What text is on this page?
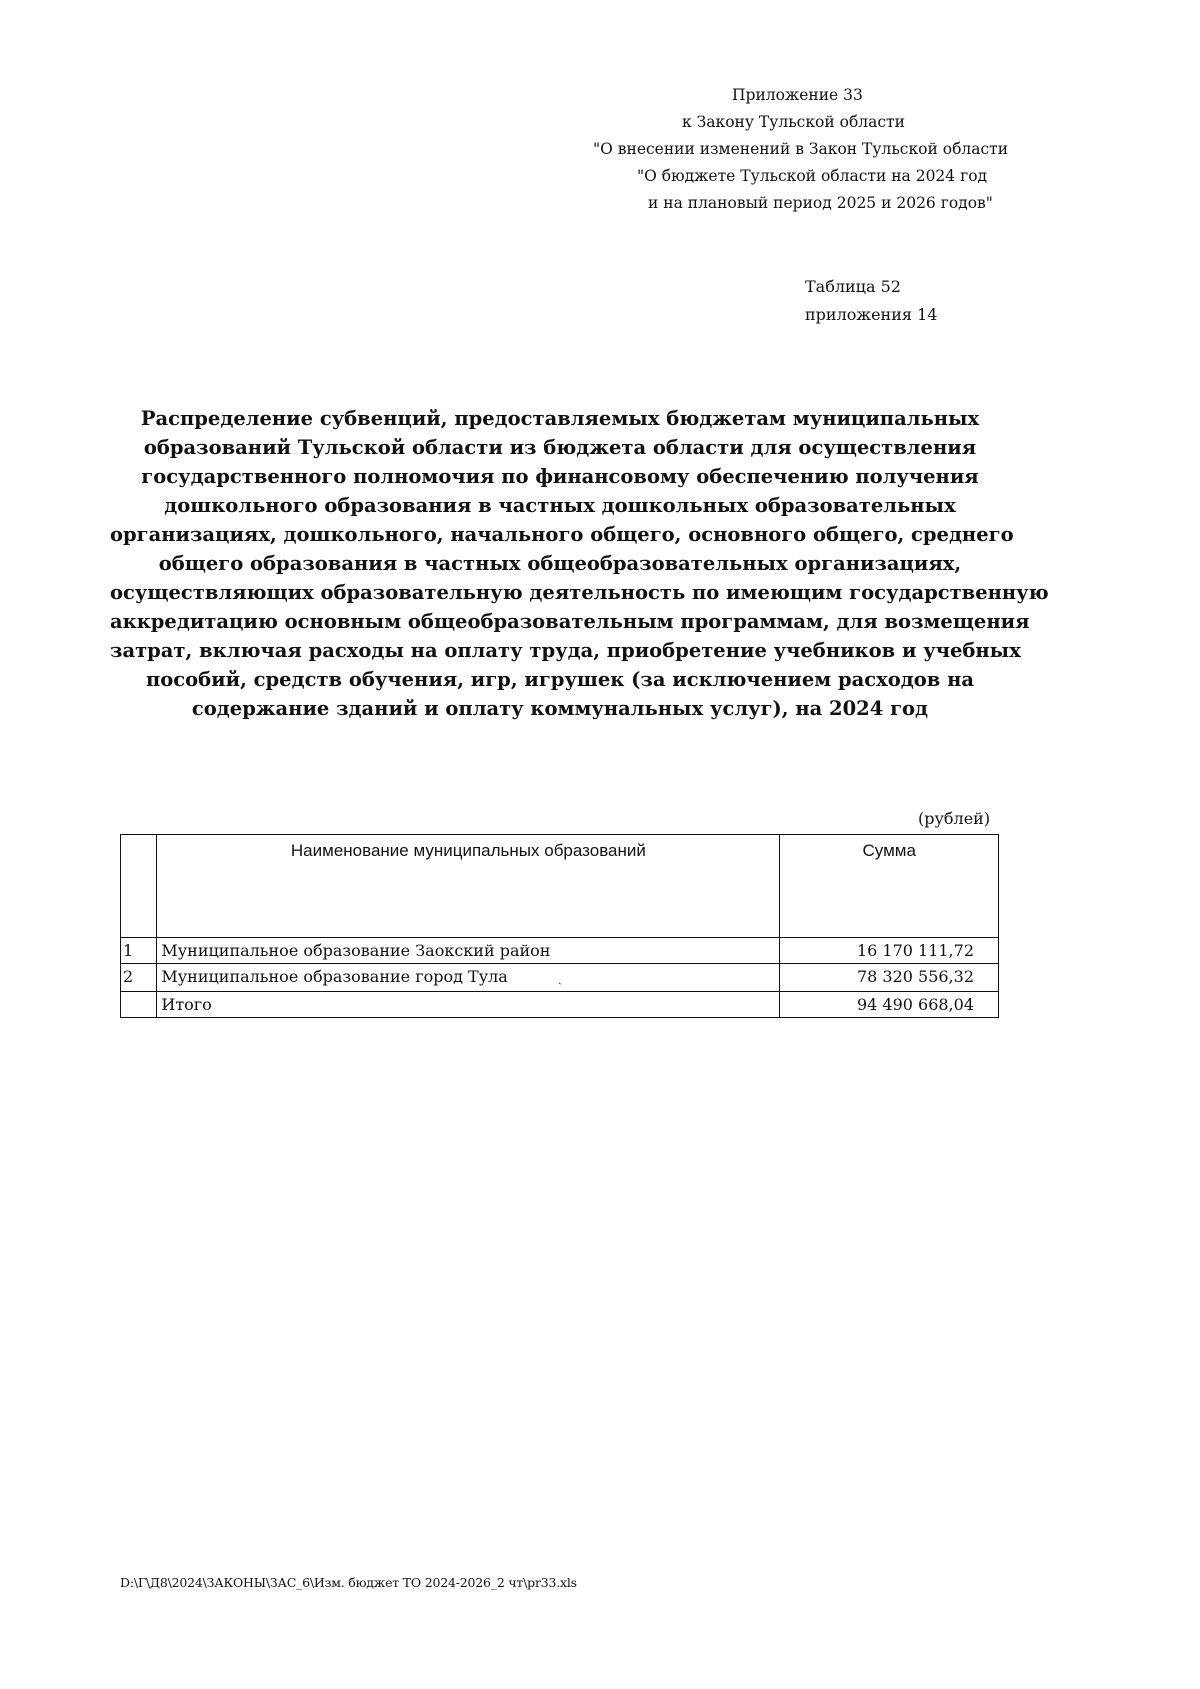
Приложение 33
к Закону Тульской области
"О внесении изменений в Закон Тульской области
"О бюджете Тульской области на 2024 год
и на плановый период 2025 и 2026 годов"
Таблица 52
приложения 14
Распределение субвенций, предоставляемых бюджетам муниципальных
образований Тульской области из бюджета области для осуществления
государственного полномочия по финансовому обеспечению получения
дошкольного образования в частных дошкольных образовательных
организациях, дошкольного, начального общего, основного общего, среднего
общего образования в частных общеобразовательных организациях,
осуществляющих образовательную деятельность по имеющим государственную
аккредитацию основным общеобразовательным программам, для возмещения
затрат, включая расходы на оплату труда, приобретение учебников и учебных
пособий, средств обучения, игр, игрушек (за исключением расходов на
содержание зданий и оплату коммунальных услуг), на 2024 год
(рублей)
	Наименование муниципальных образований	Сумма
1	Муниципальное образование Заокский район	16 170 111,72
2	Муниципальное образование город Тула ˏ	78 320 556,32
	Итого	94 490 668,04
D:\Г\Д8\2024\ЗАКОНЫ\ЗАС_6\Изм. бюджет ТО 2024-2026_2 чт\pr33.xls
